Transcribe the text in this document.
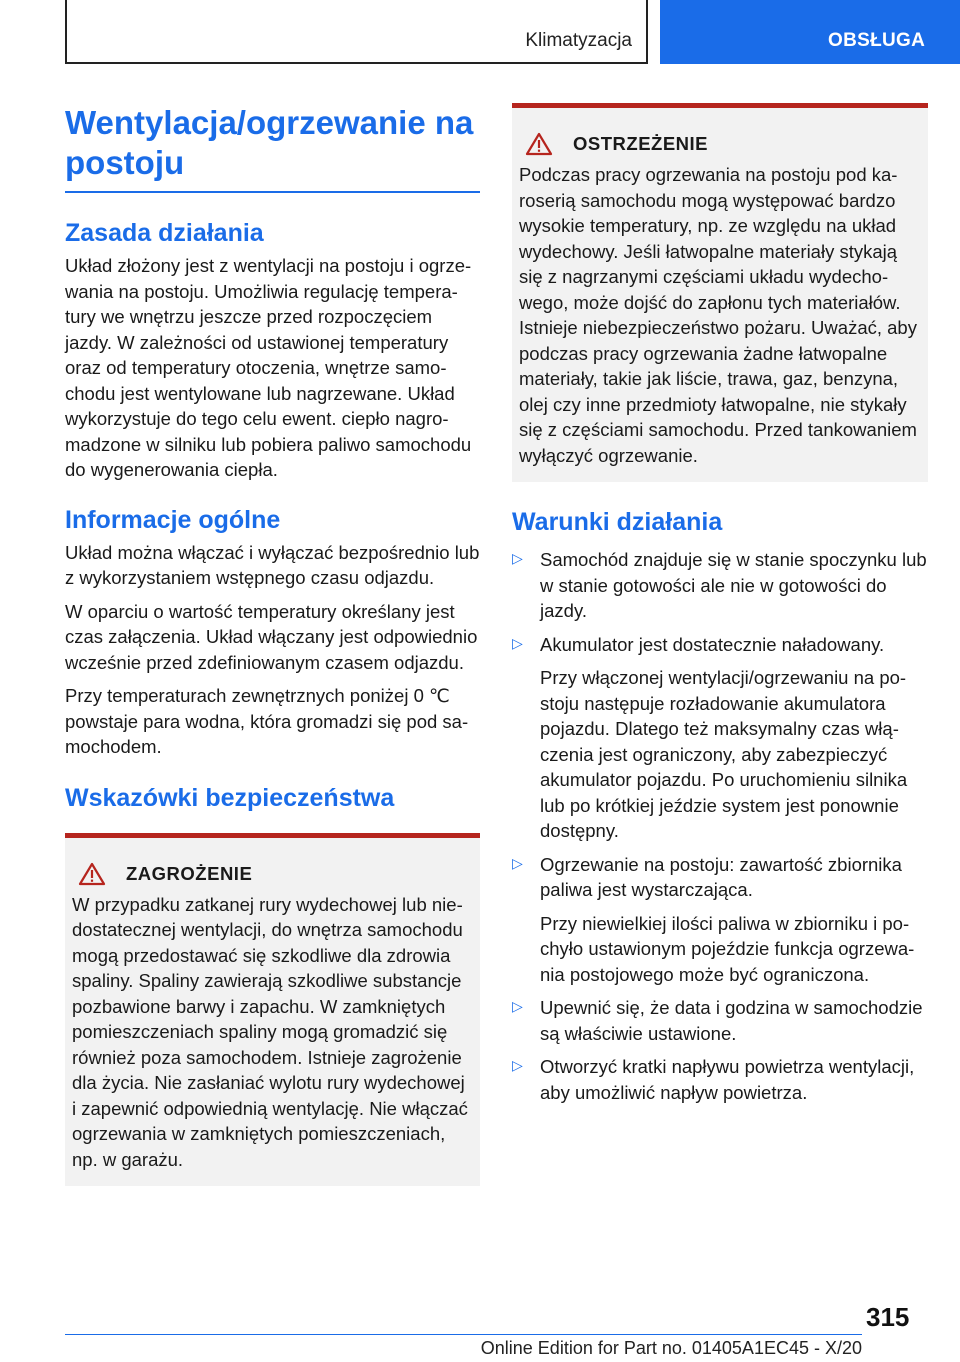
Klimatyzacja	OBSŁUGA
Wentylacja/ogrzewanie na postoju
Zasada działania

Układ złożony jest z wentylacji na postoju i ogrzewania na postoju. Umożliwia regulację temperatury we wnętrzu jeszcze przed rozpoczęciem jazdy. W zależności od ustawionej temperatury oraz od temperatury otoczenia, wnętrze samochodu jest wentylowane lub nagrzewane. Układ wykorzystuje do tego celu ewent. ciepło nagromadzone w silniku lub pobiera paliwo samochodu do wygenerowania ciepła.

Informacje ogólne

Układ można włączać i wyłączać bezpośrednio lub z wykorzystaniem wstępnego czasu odjazdu.

W oparciu o wartość temperatury określany jest czas załączenia. Układ włączany jest odpowiednio wcześnie przed zdefiniowanym czasem odjazdu.

Przy temperaturach zewnętrznych poniżej 0 ℃ powstaje para wodna, która gromadzi się pod samochodem.

Wskazówki bezpieczeństwa
ZAGROŻENIE

W przypadku zatkanej rury wydechowej lub niedostatecznej wentylacji, do wnętrza samochodu mogą przedostawać się szkodliwe dla zdrowia spaliny. Spaliny zawierają szkodliwe substancje pozbawione barwy i zapachu. W zamkniętych pomieszczeniach spaliny mogą gromadzić się również poza samochodem. Istnieje zagrożenie dla życia. Nie zasłaniać wylotu rury wydechowej i zapewnić odpowiednią wentylację. Nie włączać ogrzewania w zamkniętych pomieszczeniach, np. w garażu.

OSTRZEŻENIE

Podczas pracy ogrzewania na postoju pod karoserią samochodu mogą występować bardzo wysokie temperatury, np. ze względu na układ wydechowy. Jeśli łatwopalne materiały stykają się z nagrzanymi częściami układu wydechowego, może dojść do zapłonu tych materiałów. Istnieje niebezpieczeństwo pożaru. Uważać, aby podczas pracy ogrzewania żadne łatwopalne materiały, takie jak liście, trawa, gaz, benzyna, olej czy inne przedmioty łatwopalne, nie stykały się z częściami samochodu. Przed tankowaniem wyłączyć ogrzewanie.

Warunki działania
▷ Samochód znajduje się w stanie spoczynku lub w stanie gotowości ale nie w gotowości do jazdy.

▷ Akumulator jest dostatecznie naładowany.

Przy włączonej wentylacji/ogrzewaniu na postoju następuje rozładowanie akumulatora pojazdu. Dlatego też maksymalny czas włączenia jest ograniczony, aby zabezpieczyć akumulator pojazdu. Po uruchomieniu silnika lub po krótkiej jeździe system jest ponownie dostępny.

▷ Ogrzewanie na postoju: zawartość zbiornika paliwa jest wystarczająca.

Przy niewielkiej ilości paliwa w zbiorniku i pochyło ustawionym pojeździe funkcja ogrzewania postojowego może być ograniczona.

▷ Upewnić się, że data i godzina w samochodzie są właściwie ustawione.

▷ Otworzyć kratki napływu powietrza wentylacji, aby umożliwić napływ powietrza.

315
Online Edition for Part no. 01405A1EC45 - X/20
